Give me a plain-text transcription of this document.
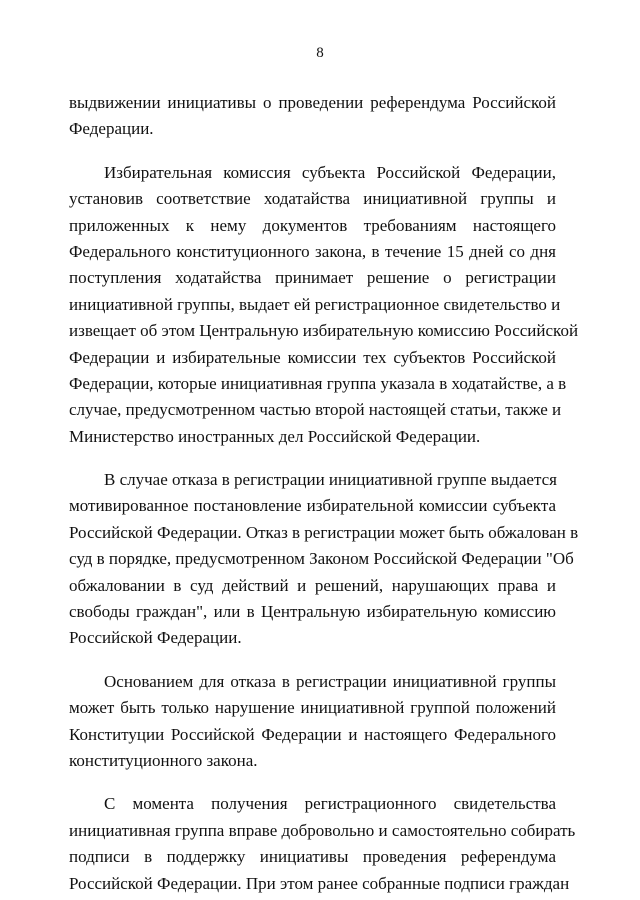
8
выдвижении инициативы о проведении референдума Российской
Федерации.
Избирательная комиссия субъекта Российской Федерации,
установив соответствие ходатайства инициативной группы и
приложенных к нему документов требованиям настоящего
Федерального конституционного закона, в течение 15 дней со дня
поступления ходатайства принимает решение о регистрации
инициативной группы, выдает ей регистрационное свидетельство и
извещает об этом Центральную избирательную комиссию Российской
Федерации и избирательные комиссии тех субъектов Российской
Федерации, которые инициативная группа указала в ходатайстве, а в
случае, предусмотренном частью второй настоящей статьи, также и
Министерство иностранных дел Российской Федерации.
В случае отказа в регистрации инициативной группе выдается
мотивированное постановление избирательной комиссии субъекта
Российской Федерации. Отказ в регистрации может быть обжалован в
суд в порядке, предусмотренном Законом Российской Федерации "Об
обжаловании в суд действий и решений, нарушающих права и
свободы граждан", или в Центральную избирательную комиссию
Российской Федерации.
Основанием для отказа в регистрации инициативной группы
может быть только нарушение инициативной группой положений
Конституции Российской Федерации и настоящего Федерального
конституционного закона.
С момента получения регистрационного свидетельства
инициативная группа вправе добровольно и самостоятельно собирать
подписи в поддержку инициативы проведения референдума
Российской Федерации. При этом ранее собранные подписи граждан
